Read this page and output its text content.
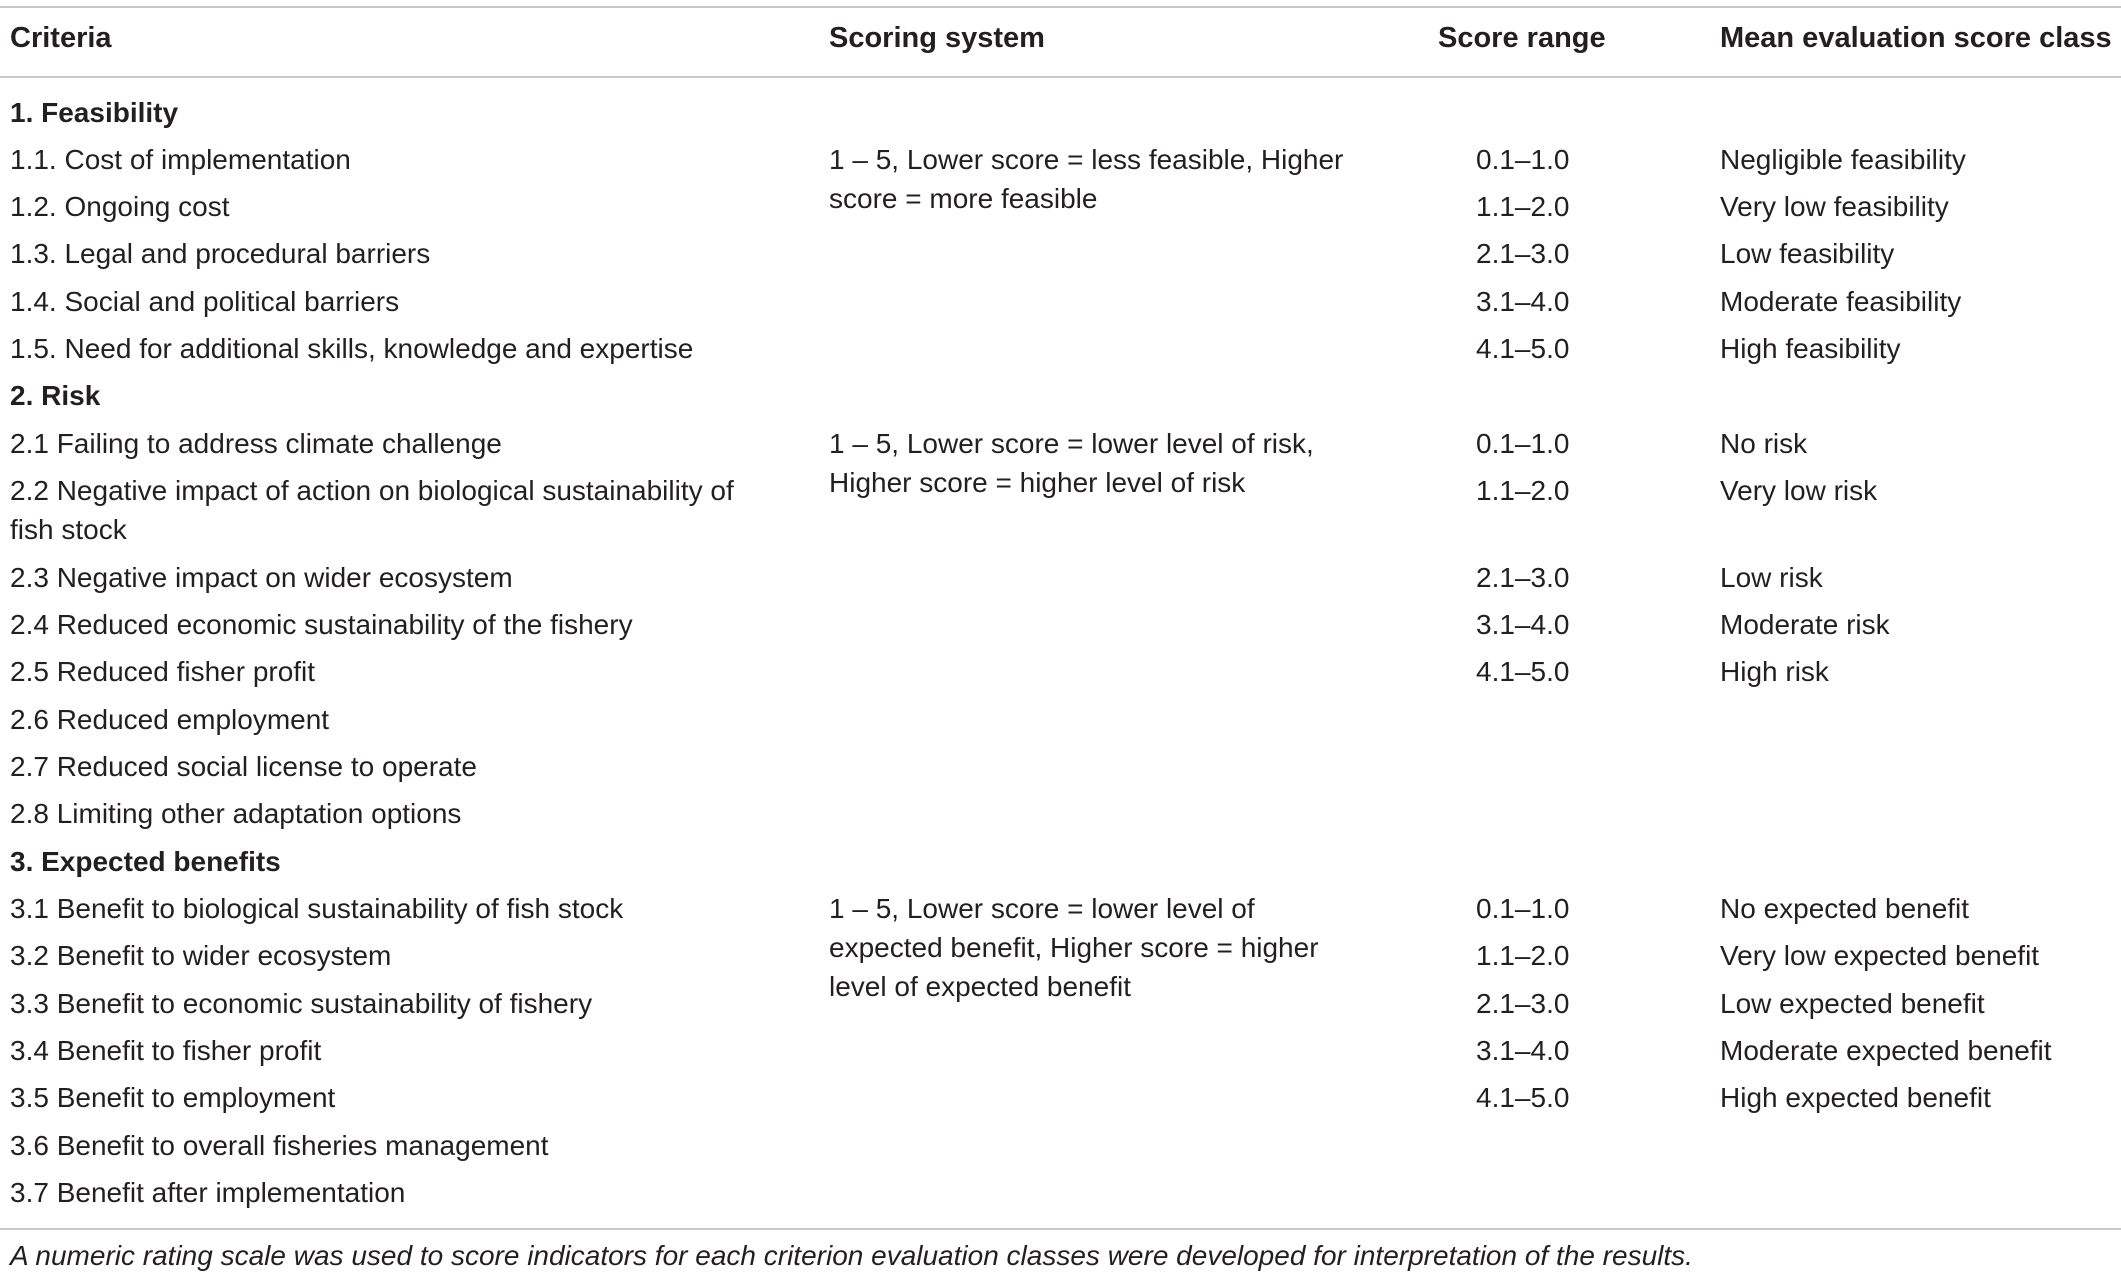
Criteria	Scoring system	Score range	Mean evaluation score class
1. Feasibility
1 – 5, Lower score = less feasible, Higher score = more feasible
1.1. Cost of implementation	0.1–1.0	Negligible feasibility
1.2. Ongoing cost	1.1–2.0	Very low feasibility
1.3. Legal and procedural barriers	2.1–3.0	Low feasibility
1.4. Social and political barriers	3.1–4.0	Moderate feasibility
1.5. Need for additional skills, knowledge and expertise	4.1–5.0	High feasibility
2. Risk
1 – 5, Lower score = lower level of risk, Higher score = higher level of risk
2.1 Failing to address climate challenge	0.1–1.0	No risk
2.2 Negative impact of action on biological sustainability of fish stock
1.1–2.0	Very low risk
2.3 Negative impact on wider ecosystem	2.1–3.0	Low risk
2.4 Reduced economic sustainability of the fishery	3.1–4.0	Moderate risk
2.5 Reduced fisher profit	4.1–5.0	High risk
2.6 Reduced employment
2.7 Reduced social license to operate
2.8 Limiting other adaptation options
3. Expected benefits
1 – 5, Lower score = lower level of expected benefit, Higher score = higher level of expected benefit
3.1 Benefit to biological sustainability of fish stock	0.1–1.0	No expected benefit
3.2 Benefit to wider ecosystem	1.1–2.0	Very low expected benefit
3.3 Benefit to economic sustainability of fishery	2.1–3.0	Low expected benefit
3.4 Benefit to fisher profit	3.1–4.0	Moderate expected benefit
3.5 Benefit to employment	4.1–5.0	High expected benefit
3.6 Benefit to overall fisheries management
3.7 Benefit after implementation
A numeric rating scale was used to score indicators for each criterion evaluation classes were developed for interpretation of the results.
